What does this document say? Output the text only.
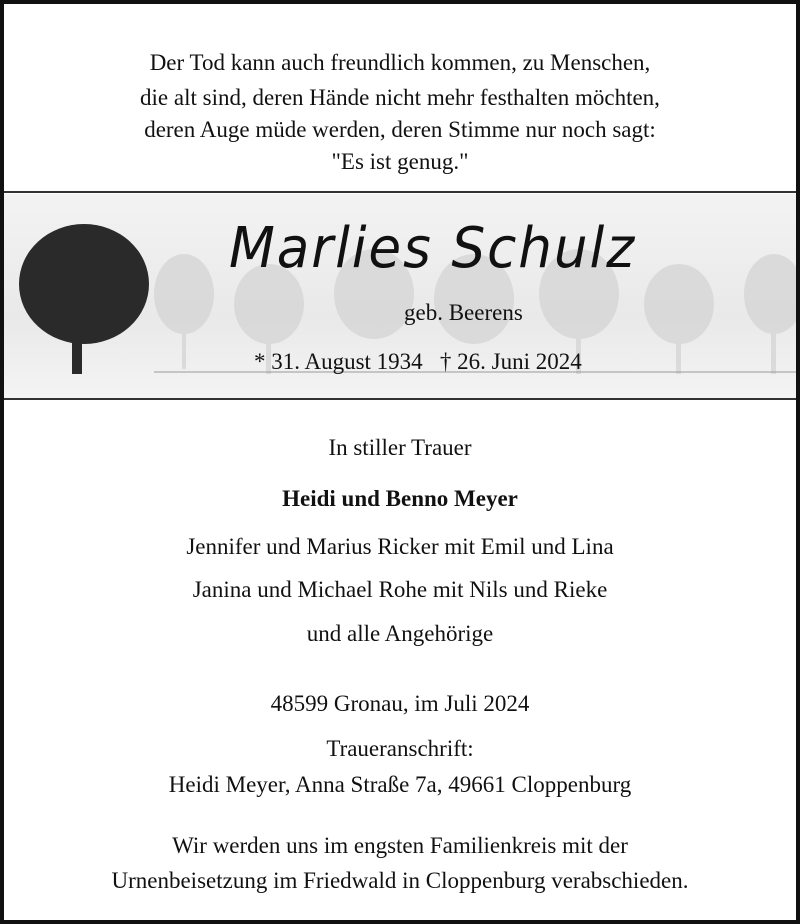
Der Tod kann auch freundlich kommen, zu Menschen,
die alt sind, deren Hände nicht mehr festhalten möchten,
deren Auge müde werden, deren Stimme nur noch sagt:
"Es ist genug."
Marlies Schulz
geb. Beerens
* 31. August 1934   † 26. Juni 2024
In stiller Trauer
Heidi und Benno Meyer
Jennifer und Marius Ricker mit Emil und Lina
Janina und Michael Rohe mit Nils und Rieke
und alle Angehörige
48599 Gronau, im Juli 2024
Traueranschrift:
Heidi Meyer, Anna Straße 7a, 49661 Cloppenburg
Wir werden uns im engsten Familienkreis mit der
Urnenbeisetzung im Friedwald in Cloppenburg verabschieden.
